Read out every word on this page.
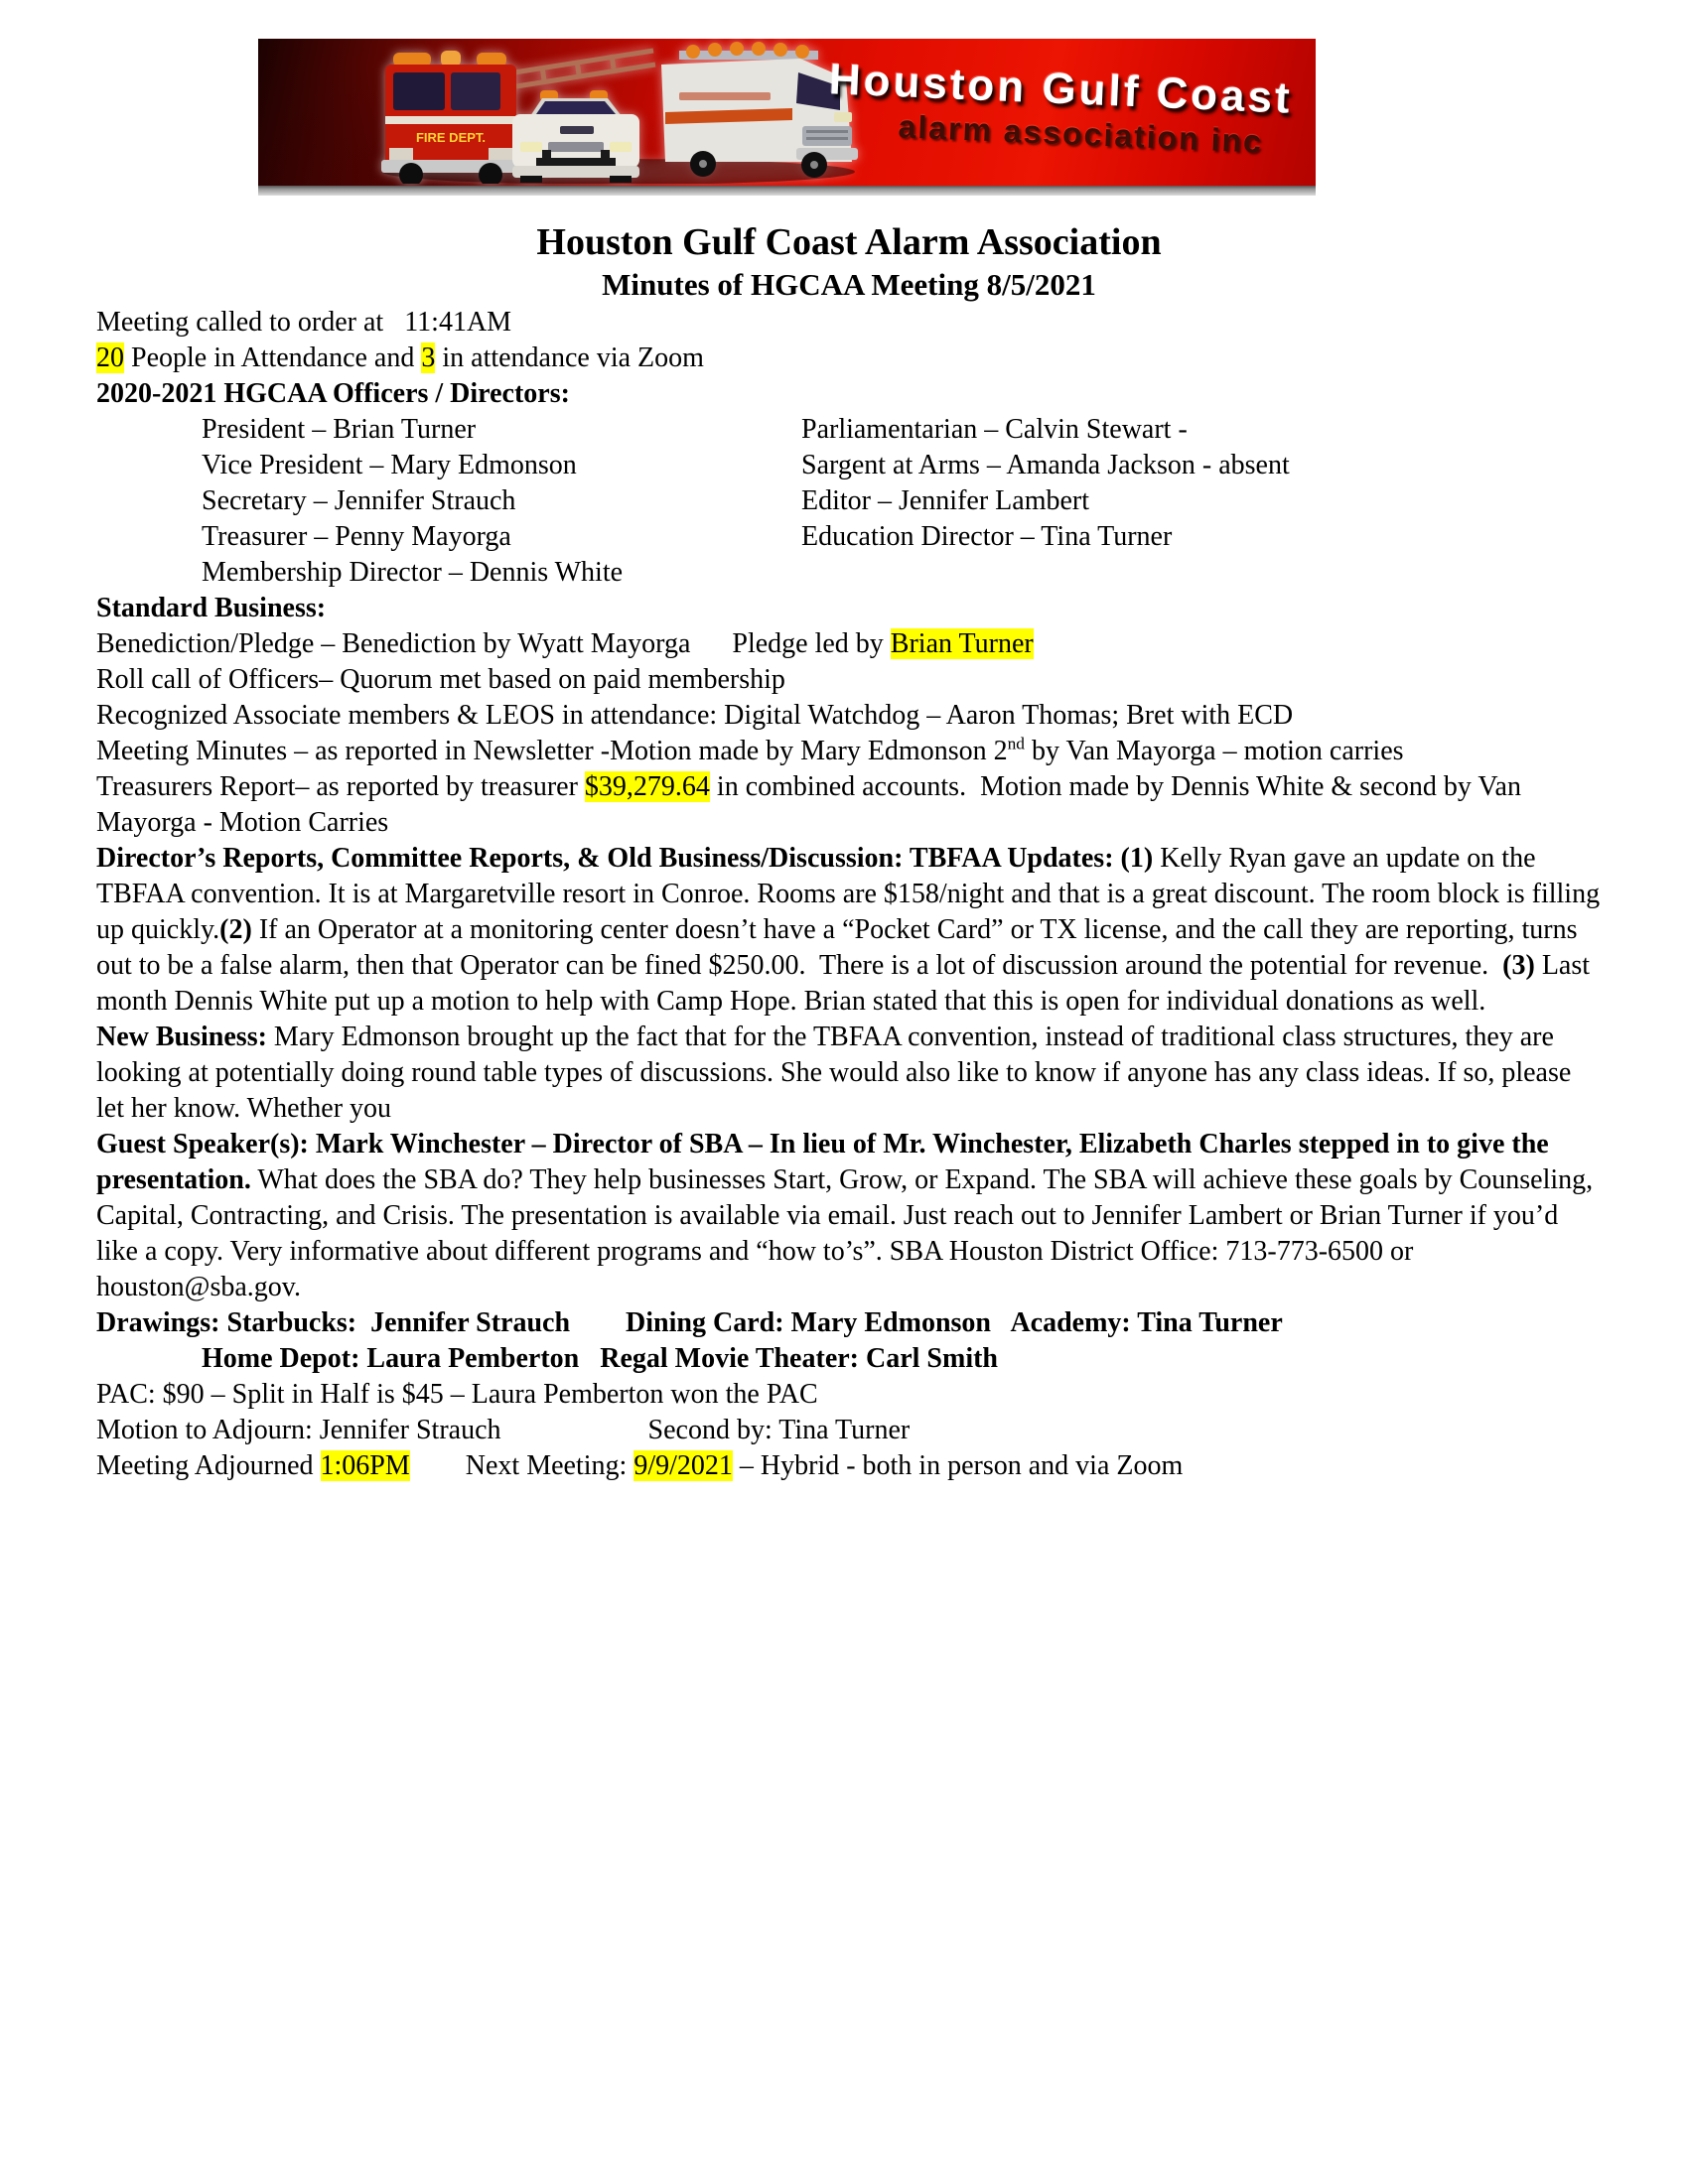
FIRE DEPT.
Houston Gulf Coast
alarm association inc
Houston Gulf Coast Alarm Association
Minutes of HGCAA Meeting 8/5/2021

Meeting called to order at   11:41AM

20 People in Attendance and 3 in attendance via Zoom

2020-2021 HGCAA Officers / Directors:

President – Brian Turner
Vice President – Mary Edmonson
Secretary – Jennifer Strauch
Treasurer – Penny Mayorga
Membership Director – Dennis White
Parliamentarian – Calvin Stewart -
Sargent at Arms – Amanda Jackson - absent
Editor – Jennifer Lambert
Education Director – Tina Turner

Standard Business:

Benediction/Pledge – Benediction by Wyatt Mayorga      Pledge led by Brian Turner

Roll call of Officers– Quorum met based on paid membership

Recognized Associate members & LEOS in attendance: Digital Watchdog – Aaron Thomas; Bret with ECD

Meeting Minutes – as reported in Newsletter -Motion made by Mary Edmonson 2nd by Van Mayorga – motion carries

Treasurers Report– as reported by treasurer $39,279.64 in combined accounts.  Motion made by Dennis White & second by Van Mayorga - Motion Carries

Director’s Reports, Committee Reports, & Old Business/Discussion: TBFAA Updates: (1) Kelly Ryan gave an update on the TBFAA convention. It is at Margaretville resort in Conroe. Rooms are $158/night and that is a great discount. The room block is filling up quickly.(2) If an Operator at a monitoring center doesn’t have a “Pocket Card” or TX license, and the call they are reporting, turns out to be a false alarm, then that Operator can be fined $250.00.  There is a lot of discussion around the potential for revenue.  (3) Last month Dennis White put up a motion to help with Camp Hope. Brian stated that this is open for individual donations as well.

New Business: Mary Edmonson brought up the fact that for the TBFAA convention, instead of traditional class structures, they are looking at potentially doing round table types of discussions. She would also like to know if anyone has any class ideas. If so, please let her know. Whether you

Guest Speaker(s): Mark Winchester – Director of SBA – In lieu of Mr. Winchester, Elizabeth Charles stepped in to give the presentation. What does the SBA do? They help businesses Start, Grow, or Expand. The SBA will achieve these goals by Counseling, Capital, Contracting, and Crisis. The presentation is available via email. Just reach out to Jennifer Lambert or Brian Turner if you’d like a copy. Very informative about different programs and “how to’s”. SBA Houston District Office: 713-773-6500 or houston@sba.gov.

Drawings: Starbucks:  Jennifer Strauch        Dining Card: Mary Edmonson   Academy: Tina Turner

Home Depot: Laura Pemberton   Regal Movie Theater: Carl Smith

PAC: $90 – Split in Half is $45 – Laura Pemberton won the PAC

Motion to Adjourn: Jennifer Strauch	Second by: Tina Turner

Meeting Adjourned 1:06PM Next Meeting: 9/9/2021 – Hybrid - both in person and via Zoom
